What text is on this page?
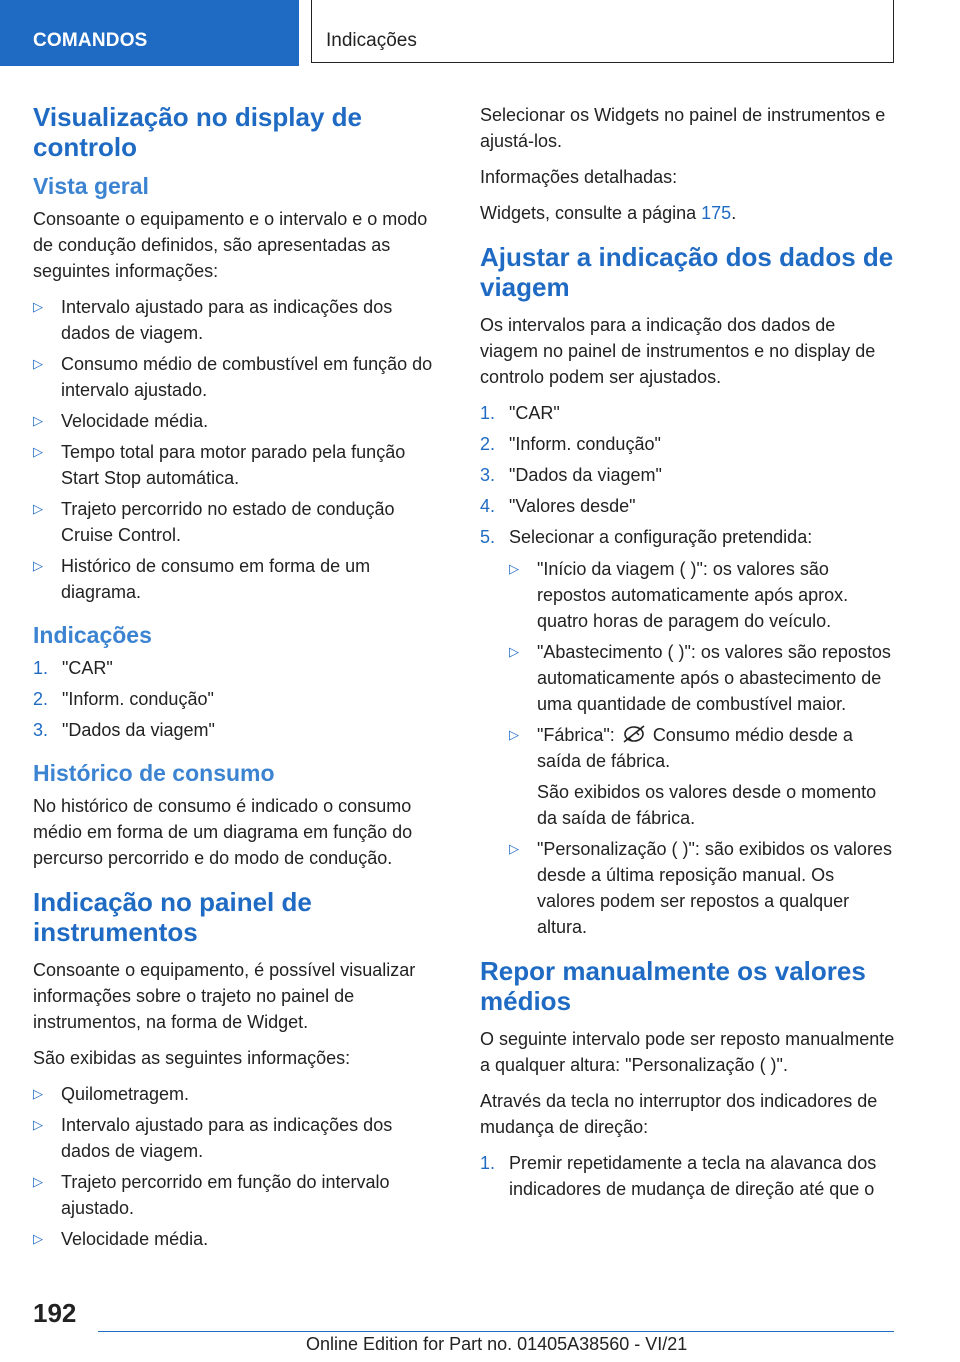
COMANDOS	Indicações
Visualização no display de controlo
Vista geral

Consoante o equipamento e o intervalo e o modo de condução definidos, são apresentadas as seguintes informações:

▷ Intervalo ajustado para as indicações dos dados de viagem.
▷ Consumo médio de combustível em função do intervalo ajustado.
▷ Velocidade média.
▷ Tempo total para motor parado pela função Start Stop automática.
▷ Trajeto percorrido no estado de condução Cruise Control.
▷ Histórico de consumo em forma de um diagrama.
Indicações
1. "CAR"
2. "Inform. condução"
3. "Dados da viagem"
Histórico de consumo

No histórico de consumo é indicado o consumo médio em forma de um diagrama em função do percurso percorrido e do modo de condução.

Indicação no painel de instrumentos

Consoante o equipamento, é possível visualizar informações sobre o trajeto no painel de instrumentos, na forma de Widget.

São exibidas as seguintes informações:

▷ Quilometragem.
▷ Intervalo ajustado para as indicações dos dados de viagem.
▷ Trajeto percorrido em função do intervalo ajustado.
▷ Velocidade média.

Selecionar os Widgets no painel de instrumentos e ajustá-los.

Informações detalhadas:

Widgets, consulte a página 175.

Ajustar a indicação dos dados de viagem

Os intervalos para a indicação dos dados de viagem no painel de instrumentos e no display de controlo podem ser ajustados.

1. "CAR"
2. "Inform. condução"
3. "Dados da viagem"
4. "Valores desde"
5. Selecionar a configuração pretendida:
▷ "Início da viagem ( )": os valores são repostos automaticamente após aprox. quatro horas de paragem do veículo.
▷ "Abastecimento ( )": os valores são repostos automaticamente após o abastecimento de uma quantidade de combustível maior.
▷ "Fábrica": Consumo médio desde a saída de fábrica.
São exibidos os valores desde o momento da saída de fábrica.
▷ "Personalização ( )": são exibidos os valores desde a última reposição manual. Os valores podem ser repostos a qualquer altura.
Repor manualmente os valores médios

O seguinte intervalo pode ser reposto manualmente a qualquer altura: "Personalização ( )".

Através da tecla no interruptor dos indicadores de mudança de direção:

1. Premir repetidamente a tecla na alavanca dos indicadores de mudança de direção até que o
192
Online Edition for Part no. 01405A38560 - VI/21
